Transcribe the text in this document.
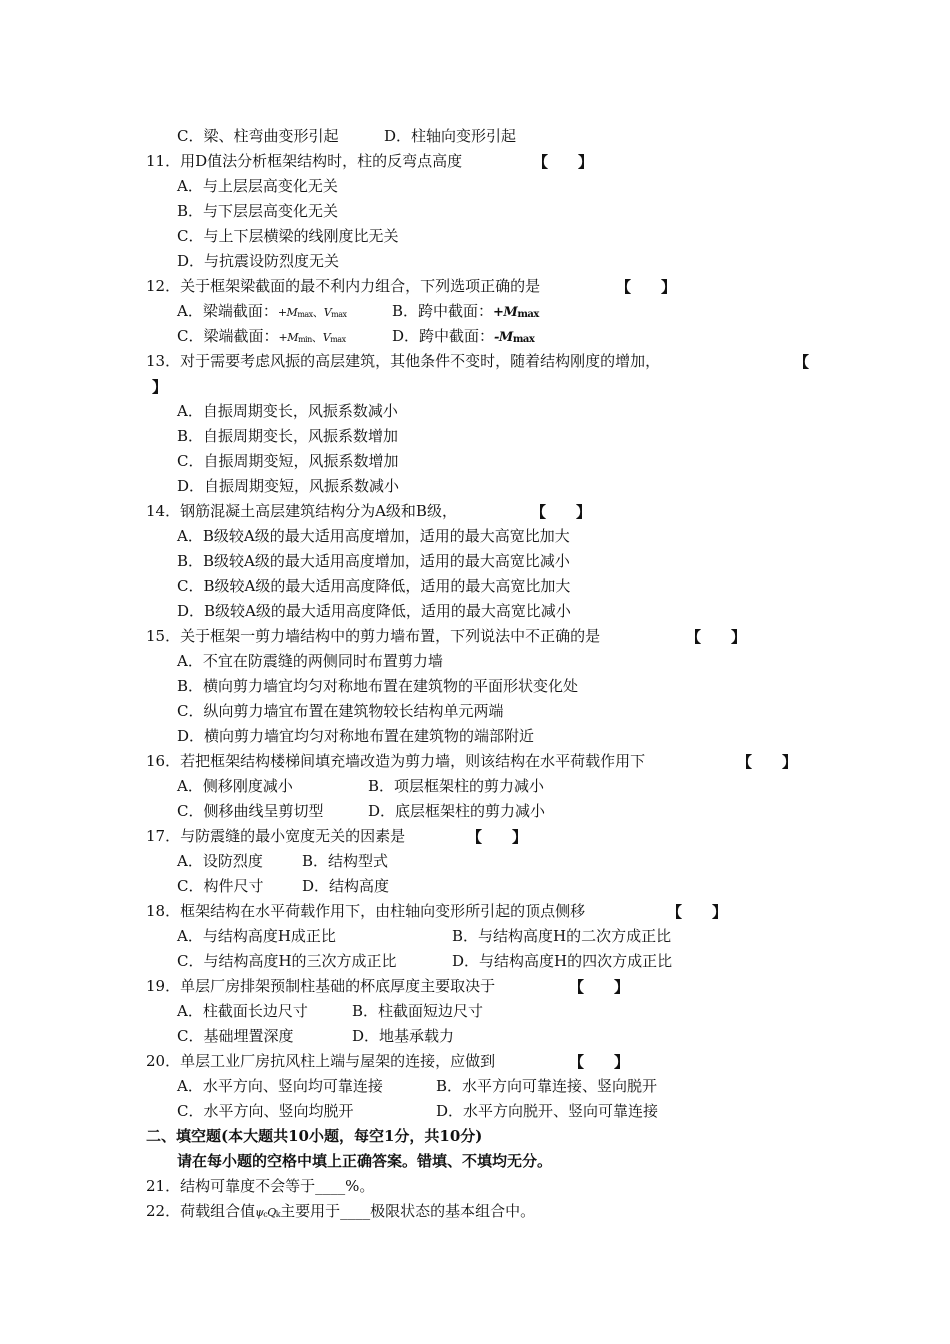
C．梁、柱弯曲变形引起	D．柱轴向变形引起
11．用D值法分析框架结构时，柱的反弯点高度	【　　】
A．与上层层高变化无关
B．与下层层高变化无关
C．与上下层横梁的线刚度比无关
D．与抗震设防烈度无关
12．关于框架梁截面的最不利内力组合，下列选项正确的是	【　　】
A．梁端截面：+Mmax、Vmax	B．跨中截面：+Mmax
C．梁端截面：+Mmin、Vmax	D．跨中截面：-Mmax
13．对于需要考虑风振的高层建筑，其他条件不变时，随着结构刚度的增加，	【
】
A．自振周期变长，风振系数减小
B．自振周期变长，风振系数增加
C．自振周期变短，风振系数增加
D．自振周期变短，风振系数减小
14．钢筋混凝土高层建筑结构分为A级和B级，	【　　】
A．B级较A级的最大适用高度增加，适用的最大高宽比加大
B．B级较A级的最大适用高度增加，适用的最大高宽比减小
C．B级较A级的最大适用高度降低，适用的最大高宽比加大
D．B级较A级的最大适用高度降低，适用的最大高宽比减小
15．关于框架一剪力墙结构中的剪力墙布置，下列说法中不正确的是	【　　】
A．不宜在防震缝的两侧同时布置剪力墙
B．横向剪力墙宜均匀对称地布置在建筑物的平面形状变化处
C．纵向剪力墙宜布置在建筑物较长结构单元两端
D．横向剪力墙宜均匀对称地布置在建筑物的端部附近
16．若把框架结构楼梯间填充墙改造为剪力墙，则该结构在水平荷载作用下	【　　】
A．侧移刚度减小	B．项层框架柱的剪力减小
C．侧移曲线呈剪切型	D．底层框架柱的剪力减小
17．与防震缝的最小宽度无关的因素是	【　　】
A．设防烈度	B．结构型式
C．构件尺寸	D．结构高度
18．框架结构在水平荷载作用下，由柱轴向变形所引起的顶点侧移	【　　】
A．与结构高度H成正比	B．与结构高度H的二次方成正比
C．与结构高度H的三次方成正比	D．与结构高度H的四次方成正比
19．单层厂房排架预制柱基础的杯底厚度主要取决于	【　　】
A．柱截面长边尺寸	B．柱截面短边尺寸
C．基础埋置深度	D．地基承载力
20．单层工业厂房抗风柱上端与屋架的连接，应做到	【　　】
A．水平方向、竖向均可靠连接	B．水平方向可靠连接、竖向脱开
C．水平方向、竖向均脱开	D．水平方向脱开、竖向可靠连接
二、填空题(本大题共10小题，每空1分，共10分)
请在每小题的空格中填上正确答案。错填、不填均无分。
21．结构可靠度不会等于____%。
22．荷载组合值ψcQk主要用于____极限状态的基本组合中。
